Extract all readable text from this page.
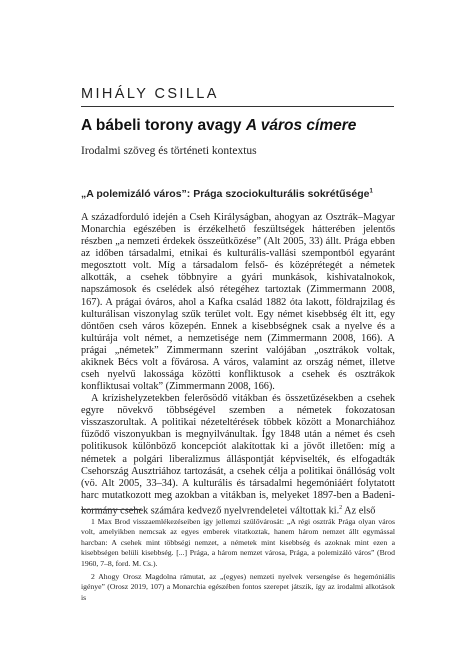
MIHÁLY CSILLA

A bábeli torony avagy A város címere

Irodalmi szöveg és történeti kontextus

„A polemizáló város”: Prága szociokulturális sokrétűsége$^1$

A századforduló idején a Cseh Királyságban, ahogyan az Osztrák–Magyar Monarchia egészében is érzékelhető feszültségek hátterében jelentős részben „a nemzeti érdekek összeütközése” (Alt 2005, 33) állt. Prága ebben az időben társadalmi, etnikai és kulturális-vallási szempontból egyaránt megosztott volt. Míg a társadalom felső- és középrétegét a németek alkották, a csehek többnyire a gyári munkások, kishivatalnokok, napszámosok és cselédek alsó rétegéhez tartoztak (Zimmermann 2008, 167). A prágai óváros, ahol a Kafka család 1882 óta lakott, földrajzilag és kulturálisan viszonylag szűk terület volt. Egy német kisebbség élt itt, egy döntően cseh város közepén. Ennek a kisebbségnek csak a nyelve és a kultúrája volt német, a nemzetisége nem (Zimmermann 2008, 166). A prágai „németek” Zimmermann szerint valójában „osztrákok voltak, akiknek Bécs volt a fővárosa. A város, valamint az ország német, illetve cseh nyelvű lakossága közötti konfliktusok a csehek és osztrákok konfliktusai voltak” (Zimmermann 2008, 166).

A krízishelyzetekben felerősödő vitákban és összetűzésekben a csehek egyre növekvő többségével szemben a németek fokozatosan visszaszorultak. A politikai nézeteltérések többek között a Monarchiához fűződő viszonyukban is megnyilvánultak. Így 1848 után a német és cseh politikusok különböző koncepciót alakítottak ki a jövőt illetően: míg a németek a polgári liberalizmus álláspontját képviselték, és elfogadták Csehország Ausztriához tartozását, a csehek célja a politikai önállóság volt (vö. Alt 2005, 33–34). A kulturális és társadalmi hegemóniáért folytatott harc mutatkozott meg azokban a vitákban is, melyeket 1897-ben a Badeni-kormány csehek számára kedvező nyelvrendeletei váltottak ki.$^2$ Az első

1 Max Brod visszaemlékezéseiben így jellemzi szülővárosát: „A régi osztrák Prága olyan város volt, amelyikben nemcsak az egyes emberek vitatkoztak, hanem három nemzet állt egymással harcban: A csehek mint többségi nemzet, a németek mint kisebbség és azoknak mint ezen a kisebbségen belüli kisebbség. [...] Prága, a három nemzet városa, Prága, a polemizáló város” (Brod 1960, 7–8, ford. M. Cs.).

2 Ahogy Orosz Magdolna rámutat, az „(egyes) nemzeti nyelvek versengése és hegemóniális igénye” (Orosz 2019, 107) a Monarchia egészében fontos szerepet játszik, így az irodalmi alkotások is
